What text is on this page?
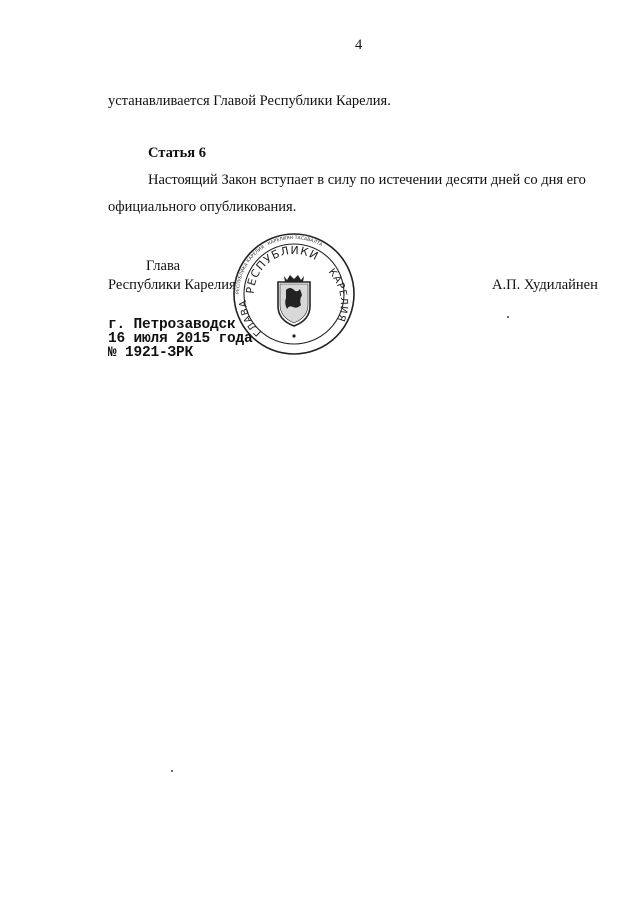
4
устанавливается Главой Республики Карелия.
Статья 6
Настоящий Закон вступает в силу по истечении десяти дней со дня его
официального опубликования.
Глава
Республики Карелия	А.П. Худилайнен
РЕСПУБЛИКА КАРЕЛИЯ · КАРЕЛИЯН ТАСАВАЛТА ·
РЕСПУБЛИКИ
ГЛАВА
КАРЕЛИЯ
г. Петрозаводск
16 июля 2015 года
№ 1921-ЗРК
